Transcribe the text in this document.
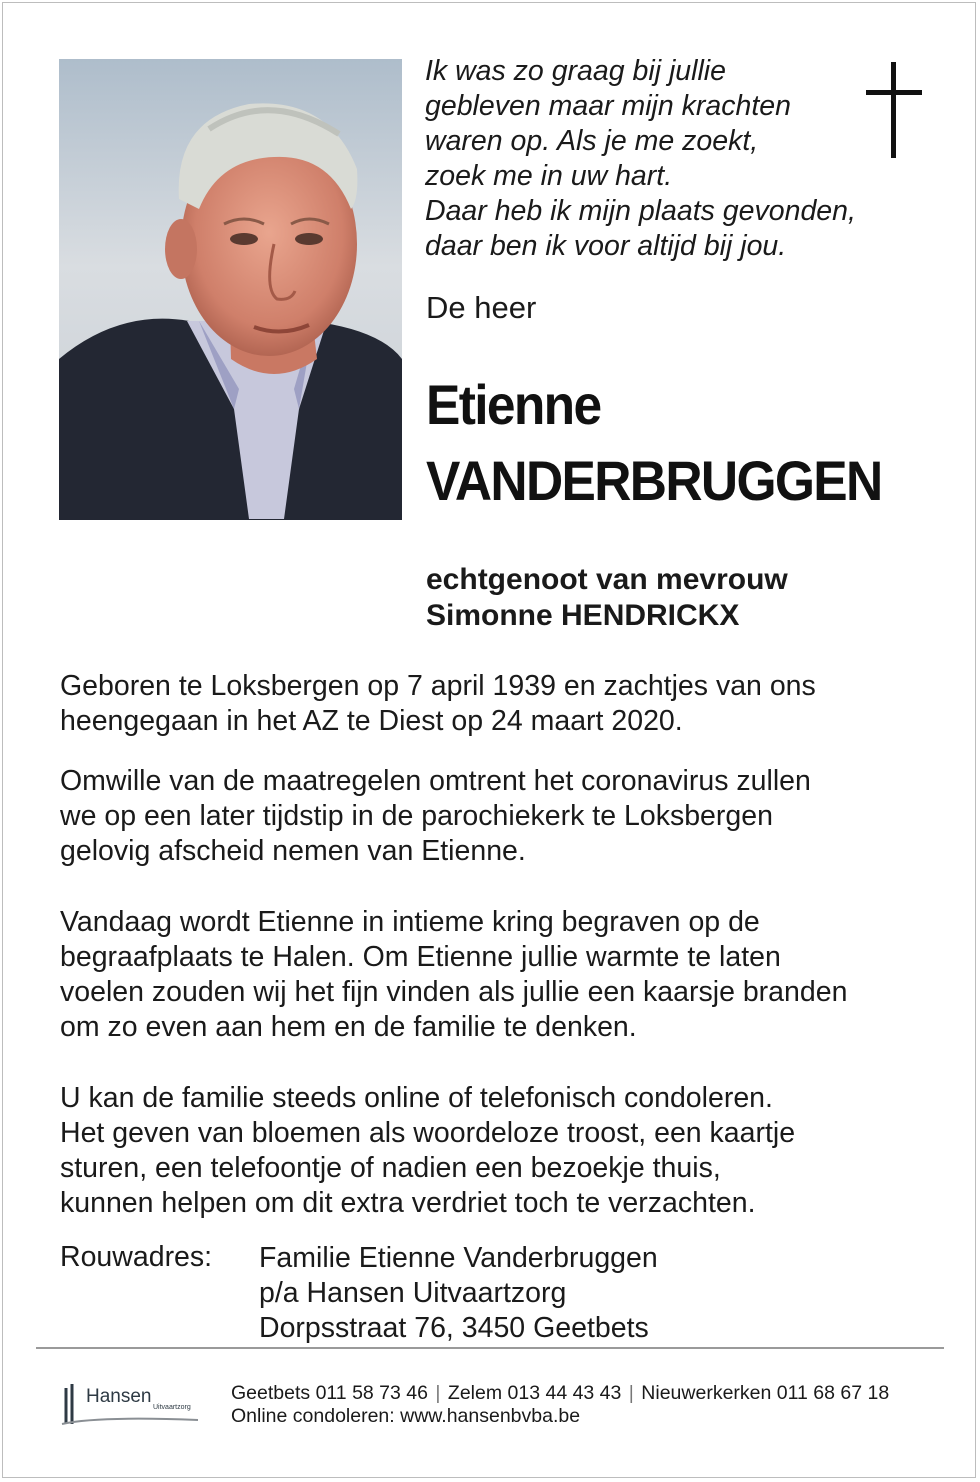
Ik was zo graag bij jullie
gebleven maar mijn krachten
waren op. Als je me zoekt,
zoek me in uw hart.
Daar heb ik mijn plaats gevonden,
daar ben ik voor altijd bij jou.
De heer
Etienne
VANDERBRUGGEN
echtgenoot van mevrouw
Simonne HENDRICKX
Geboren te Loksbergen op 7 april 1939 en zachtjes van ons
heengegaan in het AZ te Diest op 24 maart 2020.
Omwille van de maatregelen omtrent het coronavirus zullen
we op een later tijdstip in de parochiekerk te Loksbergen
gelovig afscheid nemen van Etienne.
Vandaag wordt Etienne in intieme kring begraven op de
begraafplaats te Halen. Om Etienne jullie warmte te laten
voelen zouden wij het fijn vinden als jullie een kaarsje branden
om zo even aan hem en de familie te denken.
U kan de familie steeds online of telefonisch condoleren.
Het geven van bloemen als woordeloze troost, een kaartje
sturen, een telefoontje of nadien een bezoekje thuis,
kunnen helpen om dit extra verdriet toch te verzachten.
Rouwadres: Familie Etienne Vanderbruggen
p/a Hansen Uitvaartzorg
Dorpsstraat 76, 3450 Geetbets
Hansen
Uitvaartzorg
Geetbets 011 58 73 46 | Zelem 013 44 43 43 | Nieuwerkerken 011 68 67 18
Online condoleren: www.hansenbvba.be
